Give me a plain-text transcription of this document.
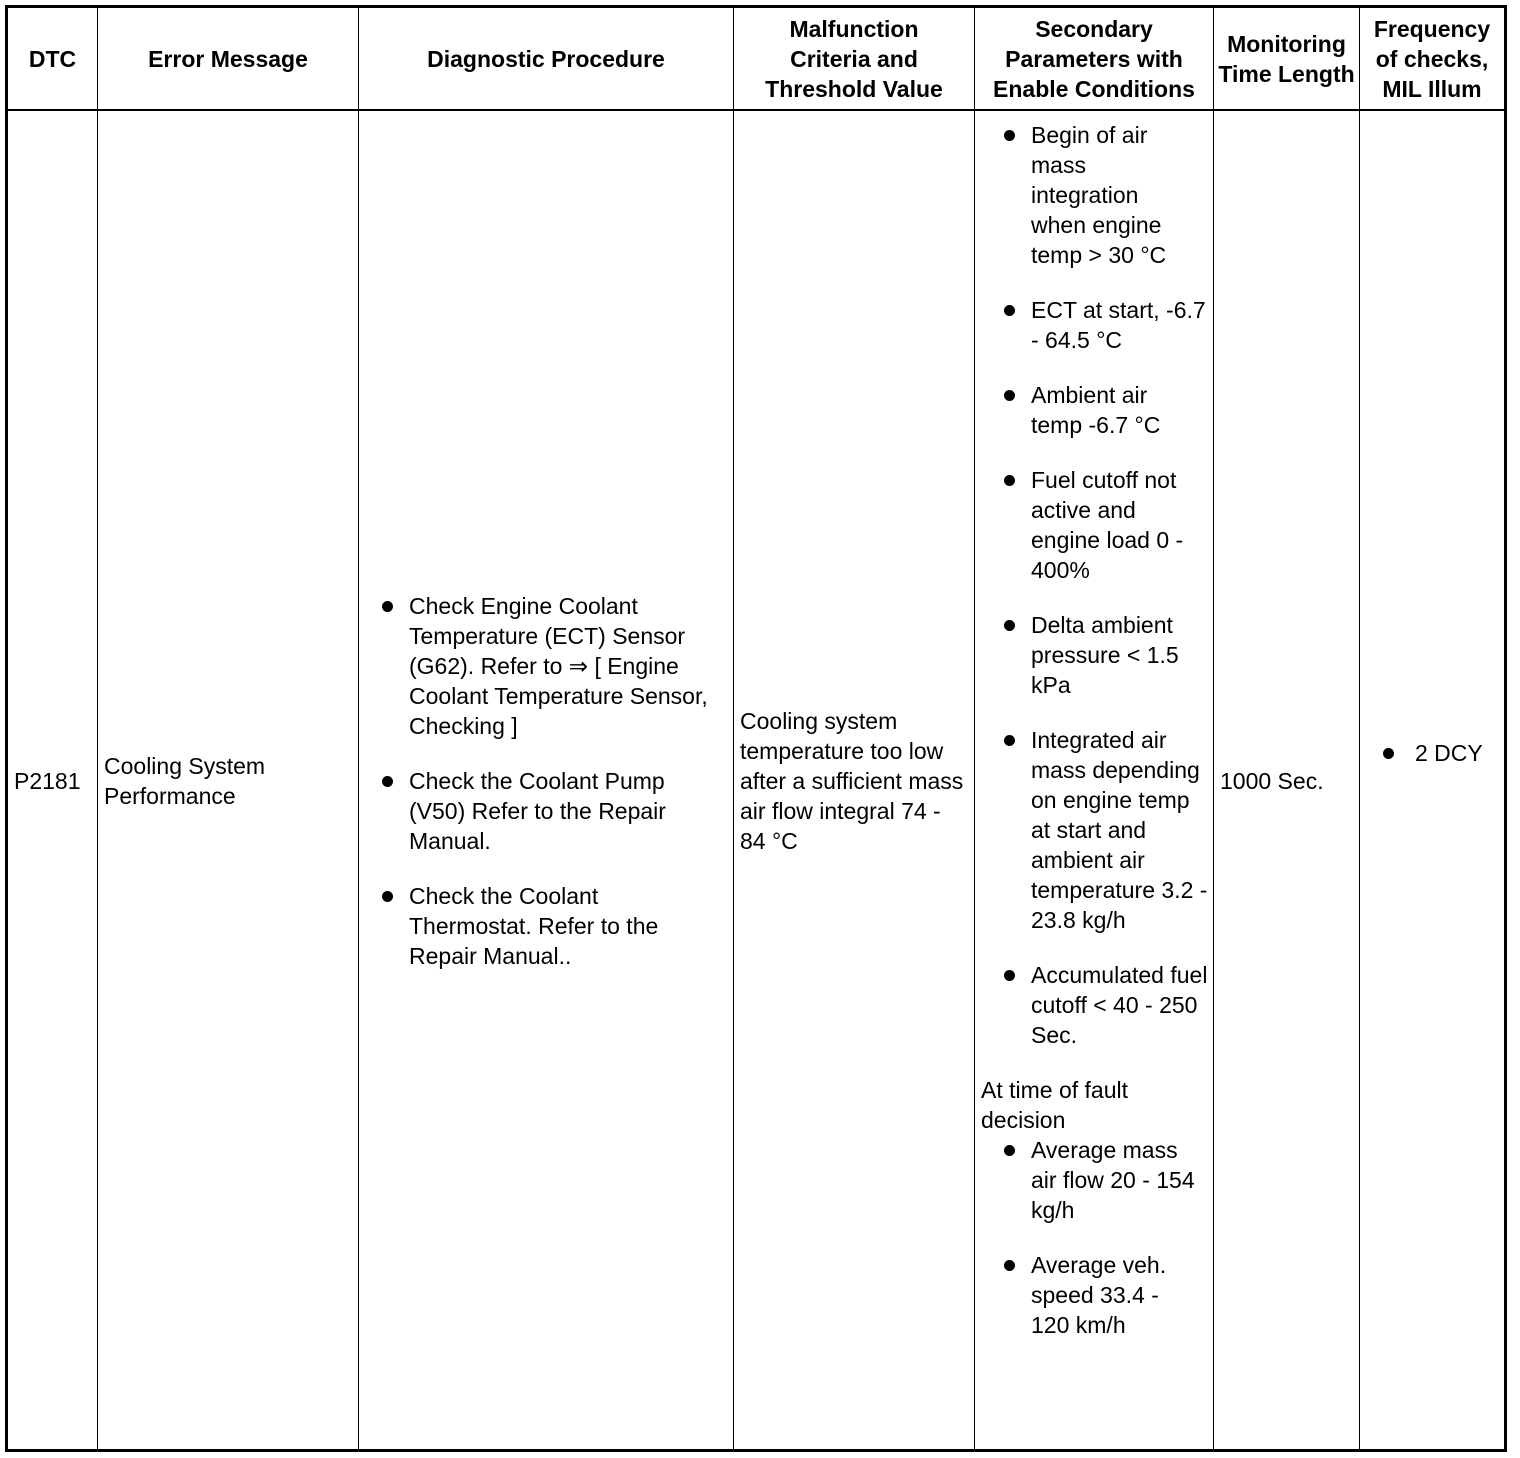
DTC	Error Message	Diagnostic Procedure
Malfunction Criteria and Threshold Value
Secondary Parameters with Enable Conditions
Monitoring Time Length
Frequency of checks, MIL Illum
P2181
Cooling System Performance
Check Engine Coolant Temperature (ECT) Sensor (G62). Refer to ⇒ [ Engine Coolant Temperature Sensor, Checking ]
Check the Coolant Pump (V50) Refer to the Repair Manual.
Check the Coolant Thermostat. Refer to the Repair Manual..
Cooling system temperature too low after a sufficient mass air flow integral 74 - 84 °C
Begin of air mass integration when engine temp > 30 °C
ECT at start, -6.7 - 64.5 °C
Ambient air temp -6.7 °C
Fuel cutoff not active and engine load 0 - 400%
Delta ambient pressure < 1.5 kPa
Integrated air mass depending on engine temp at start and ambient air temperature 3.2 - 23.8 kg/h
Accumulated fuel cutoff < 40 - 250 Sec.
At time of fault decision
Average mass air flow 20 - 154 kg/h
Average veh. speed 33.4 - 120 km/h
1000 Sec.
2 DCY
